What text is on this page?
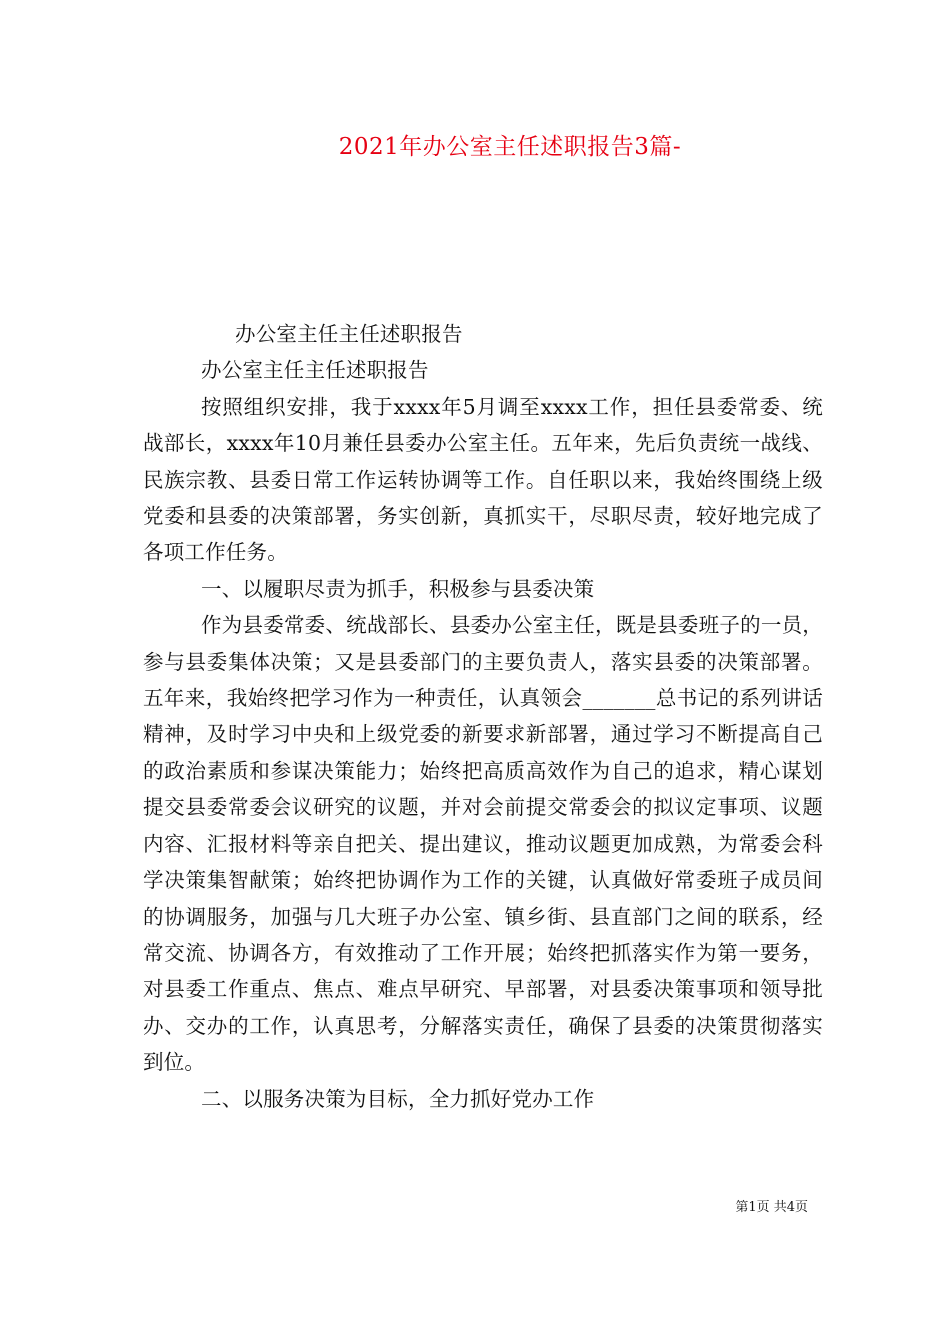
2021年办公室主任述职报告3篇-

办公室主任主任述职报告

办公室主任主任述职报告

按照组织安排，我于xxxx年5月调至xxxx工作，担任县委常委、统战部长，xxxx年10月兼任县委办公室主任。五年来，先后负责统一战线、民族宗教、县委日常工作运转协调等工作。自任职以来，我始终围绕上级党委和县委的决策部署，务实创新，真抓实干，尽职尽责，较好地完成了各项工作任务。

一、以履职尽责为抓手，积极参与县委决策

作为县委常委、统战部长、县委办公室主任，既是县委班子的一员，参与县委集体决策；又是县委部门的主要负责人，落实县委的决策部署。五年来，我始终把学习作为一种责任，认真领会_______总书记的系列讲话精神，及时学习中央和上级党委的新要求新部署，通过学习不断提高自己的政治素质和参谋决策能力；始终把高质高效作为自己的追求，精心谋划提交县委常委会议研究的议题，并对会前提交常委会的拟议定事项、议题内容、汇报材料等亲自把关、提出建议，推动议题更加成熟，为常委会科学决策集智献策；始终把协调作为工作的关键，认真做好常委班子成员间的协调服务，加强与几大班子办公室、镇乡街、县直部门之间的联系，经常交流、协调各方，有效推动了工作开展；始终把抓落实作为第一要务，对县委工作重点、焦点、难点早研究、早部署，对县委决策事项和领导批办、交办的工作，认真思考，分解落实责任，确保了县委的决策贯彻落实到位。

二、以服务决策为目标，全力抓好党办工作

第1页 共4页
